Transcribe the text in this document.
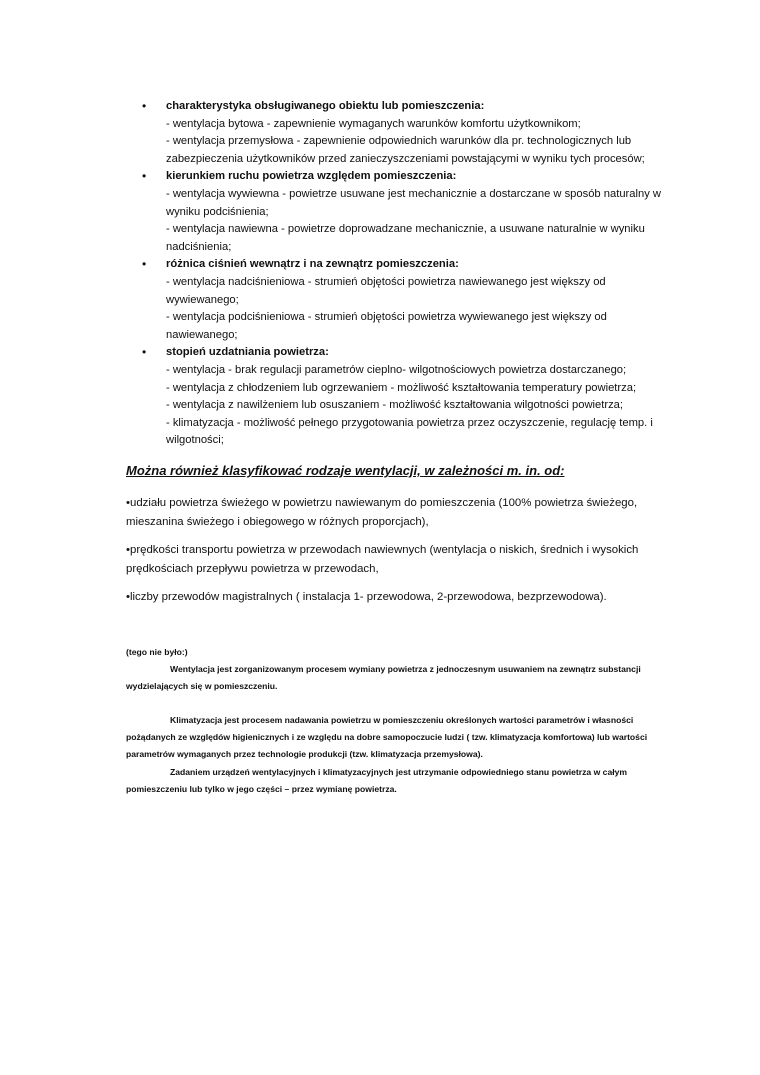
• charakterystyka obsługiwanego obiektu lub pomieszczenia:
- wentylacja bytowa - zapewnienie wymaganych warunków komfortu użytkownikom;
- wentylacja przemysłowa - zapewnienie odpowiednich warunków dla pr. technologicznych lub zabezpieczenia użytkowników przed zanieczyszczeniami powstającymi w wyniku tych procesów;
• kierunkiem ruchu powietrza względem pomieszczenia:
- wentylacja wywiewna - powietrze usuwane jest mechanicznie a dostarczane w sposób naturalny w wyniku podciśnienia;
- wentylacja nawiewna - powietrze doprowadzane mechanicznie, a usuwane naturalnie w wyniku nadciśnienia;
• różnica ciśnień wewnątrz i na zewnątrz pomieszczenia:
- wentylacja nadciśnieniowa - strumień objętości powietrza nawiewanego jest większy od wywiewanego;
- wentylacja podciśnieniowa - strumień objętości powietrza wywiewanego jest większy od nawiewanego;
• stopień uzdatniania powietrza:
- wentylacja - brak regulacji parametrów cieplno- wilgotnościowych powietrza dostarczanego;
- wentylacja z chłodzeniem lub ogrzewaniem - możliwość kształtowania temperatury powietrza;
- wentylacja z nawilżeniem lub osuszaniem - możliwość kształtowania wilgotności powietrza;
- klimatyzacja - możliwość pełnego przygotowania powietrza przez oczyszczenie, regulację temp. i wilgotności;
Można również klasyfikować rodzaje wentylacji, w zależności m. in. od:
•udziału powietrza świeżego w powietrzu nawiewanym do pomieszczenia (100% powietrza świeżego, mieszanina świeżego i obiegowego w różnych proporcjach),
•prędkości transportu powietrza w przewodach nawiewnych (wentylacja o niskich, średnich i wysokich prędkościach przepływu powietrza w przewodach,
•liczby przewodów magistralnych ( instalacja 1- przewodowa, 2-przewodowa, bezprzewodowa).
(tego nie było:)
Wentylacja jest zorganizowanym procesem wymiany powietrza z jednoczesnym usuwaniem na zewnątrz substancji wydzielających się w pomieszczeniu.
Klimatyzacja jest procesem nadawania powietrzu w pomieszczeniu określonych wartości parametrów i własności pożądanych ze względów higienicznych i ze względu na dobre samopoczucie ludzi ( tzw. klimatyzacja komfortowa) lub wartości parametrów wymaganych przez technologie produkcji (tzw. klimatyzacja przemysłowa).
Zadaniem urządzeń wentylacyjnych i klimatyzacyjnych jest utrzymanie odpowiedniego stanu powietrza w całym pomieszczeniu lub tylko w jego części – przez wymianę powietrza.
